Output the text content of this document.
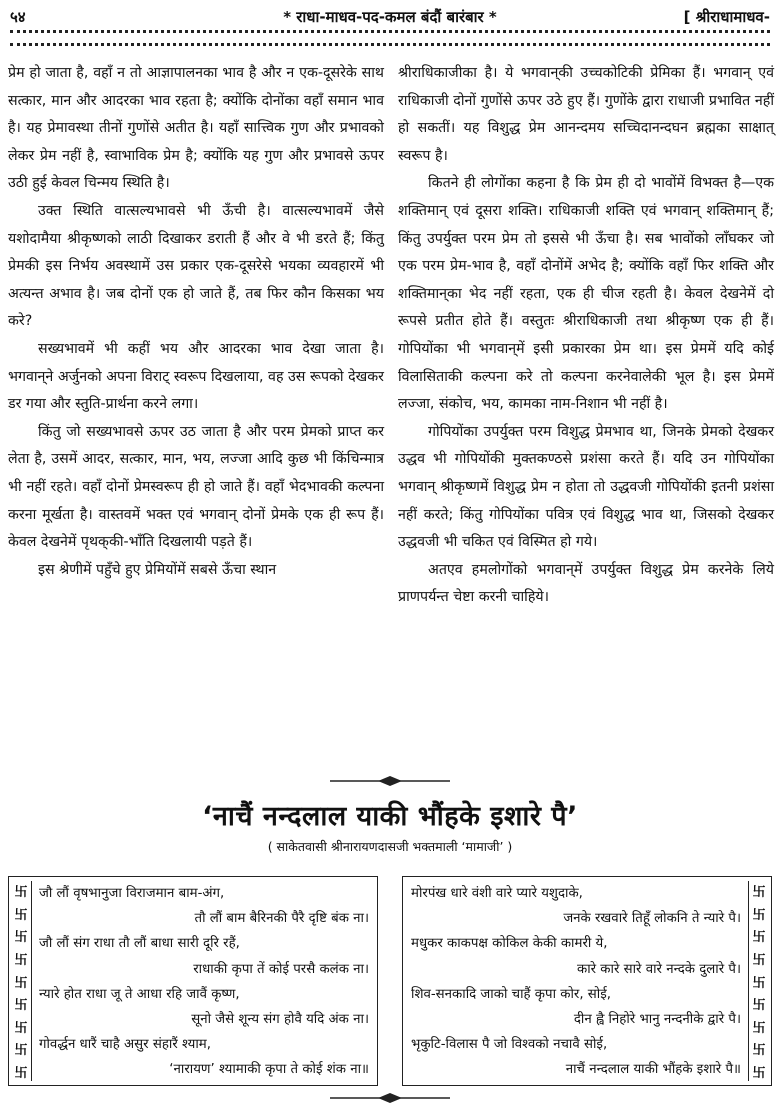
५४	* राधा-माधव-पद-कमल बंदौं बारंबार *	[ श्रीराधामाधव-

प्रेम हो जाता है, वहाँ न तो आज्ञापालनका भाव है और न एक-दूसरेके साथ सत्कार, मान और आदरका भाव रहता है; क्योंकि दोनोंका वहाँ समान भाव है। यह प्रेमावस्था तीनों गुणोंसे अतीत है। यहाँ सात्त्विक गुण और प्रभावको लेकर प्रेम नहीं है, स्वाभाविक प्रेम है; क्योंकि यह गुण और प्रभावसे ऊपर उठी हुई केवल चिन्मय स्थिति है।

उक्त स्थिति वात्सल्यभावसे भी ऊँची है। वात्सल्यभावमें जैसे यशोदामैया श्रीकृष्णको लाठी दिखाकर डराती हैं और वे भी डरते हैं; किंतु प्रेमकी इस निर्भय अवस्थामें उस प्रकार एक-दूसरेसे भयका व्यवहारमें भी अत्यन्त अभाव है। जब दोनों एक हो जाते हैं, तब फिर कौन किसका भय करे?

सख्यभावमें भी कहीं भय और आदरका भाव देखा जाता है। भगवान्‌ने अर्जुनको अपना विराट् स्वरूप दिखलाया, वह उस रूपको देखकर डर गया और स्तुति-प्रार्थना करने लगा।

किंतु जो सख्यभावसे ऊपर उठ जाता है और परम प्रेमको प्राप्त कर लेता है, उसमें आदर, सत्कार, मान, भय, लज्जा आदि कुछ भी किंचिन्मात्र भी नहीं रहते। वहाँ दोनों प्रेमस्वरूप ही हो जाते हैं। वहाँ भेदभावकी कल्पना करना मूर्खता है। वास्तवमें भक्त एवं भगवान् दोनों प्रेमके एक ही रूप हैं। केवल देखनेमें पृथक्‌की-भाँति दिखलायी पड़ते हैं।

इस श्रेणीमें पहुँचे हुए प्रेमियोंमें सबसे ऊँचा स्थान

श्रीराधिकाजीका है। ये भगवान्‌की उच्चकोटिकी प्रेमिका हैं। भगवान् एवं राधिकाजी दोनों गुणोंसे ऊपर उठे हुए हैं। गुणोंके द्वारा राधाजी प्रभावित नहीं हो सकतीं। यह विशुद्ध प्रेम आनन्दमय सच्चिदानन्दघन ब्रह्मका साक्षात् स्वरूप है।

कितने ही लोगोंका कहना है कि प्रेम ही दो भावोंमें विभक्त है—एक शक्तिमान् एवं दूसरा शक्ति। राधिकाजी शक्ति एवं भगवान् शक्तिमान् हैं; किंतु उपर्युक्त परम प्रेम तो इससे भी ऊँचा है। सब भावोंको लाँघकर जो एक परम प्रेम-भाव है, वहाँ दोनोंमें अभेद है; क्योंकि वहाँ फिर शक्ति और शक्तिमान्‌का भेद नहीं रहता, एक ही चीज रहती है। केवल देखनेमें दो रूपसे प्रतीत होते हैं। वस्तुतः श्रीराधिकाजी तथा श्रीकृष्ण एक ही हैं। गोपियोंका भी भगवान्‌में इसी प्रकारका प्रेम था। इस प्रेममें यदि कोई विलासिताकी कल्पना करे तो कल्पना करनेवालेकी भूल है। इस प्रेममें लज्जा, संकोच, भय, कामका नाम-निशान भी नहीं है।

गोपियोंका उपर्युक्त परम विशुद्ध प्रेमभाव था, जिनके प्रेमको देखकर उद्धव भी गोपियोंकी मुक्तकण्ठसे प्रशंसा करते हैं। यदि उन गोपियोंका भगवान् श्रीकृष्णमें विशुद्ध प्रेम न होता तो उद्धवजी गोपियोंकी इतनी प्रशंसा नहीं करते; किंतु गोपियोंका पवित्र एवं विशुद्ध भाव था, जिसको देखकर उद्धवजी भी चकित एवं विस्मित हो गये।

अतएव हमलोगोंको भगवान्‌में उपर्युक्त विशुद्ध प्रेम करनेके लिये प्राणपर्यन्त चेष्टा करनी चाहिये।

‘नाचैं नन्दलाल याकी भौंहके इशारे पै’
( साकेतवासी श्रीनारायणदासजी भक्तमाली ‘मामाजी’ )
卐
卐
卐
卐
卐
卐
卐
卐
卐
जौ लौं वृषभानुजा विराजमान बाम-अंग,
तौ लौं बाम बैरिनकी पैरै दृष्टि बंक ना।
जौ लौं संग राधा तौ लौं बाधा सारी दूरि रहैं,
राधाकी कृपा तें कोई परसै कलंक ना।
न्यारे होत राधा जू ते आधा रहि जावैं कृष्ण,
सूनो जैसे शून्य संग होवै यदि अंक ना।
गोवर्द्धन धारैं चाहै असुर संहारैं श्याम,
‘नारायण’ श्यामाकी कृपा ते कोई शंक ना॥
卐
卐
卐
卐
卐
卐
卐
卐
卐
मोरपंख धारे वंशी वारे प्यारे यशुदाके,
जनके रखवारे तिहूँ लोकनि ते न्यारे पै।
मधुकर काकपक्ष कोकिल केकी कामरी ये,
कारे कारे सारे वारे नन्दके दुलारे पै।
शिव-सनकादि जाको चाहैं कृपा कोर, सोई,
दीन ह्वै निहोरे भानु नन्दनीके द्वारे पै।
भृकुटि-विलास पै जो विश्वको नचावै सोई,
नाचैं नन्दलाल याकी भौंहके इशारे पै॥
